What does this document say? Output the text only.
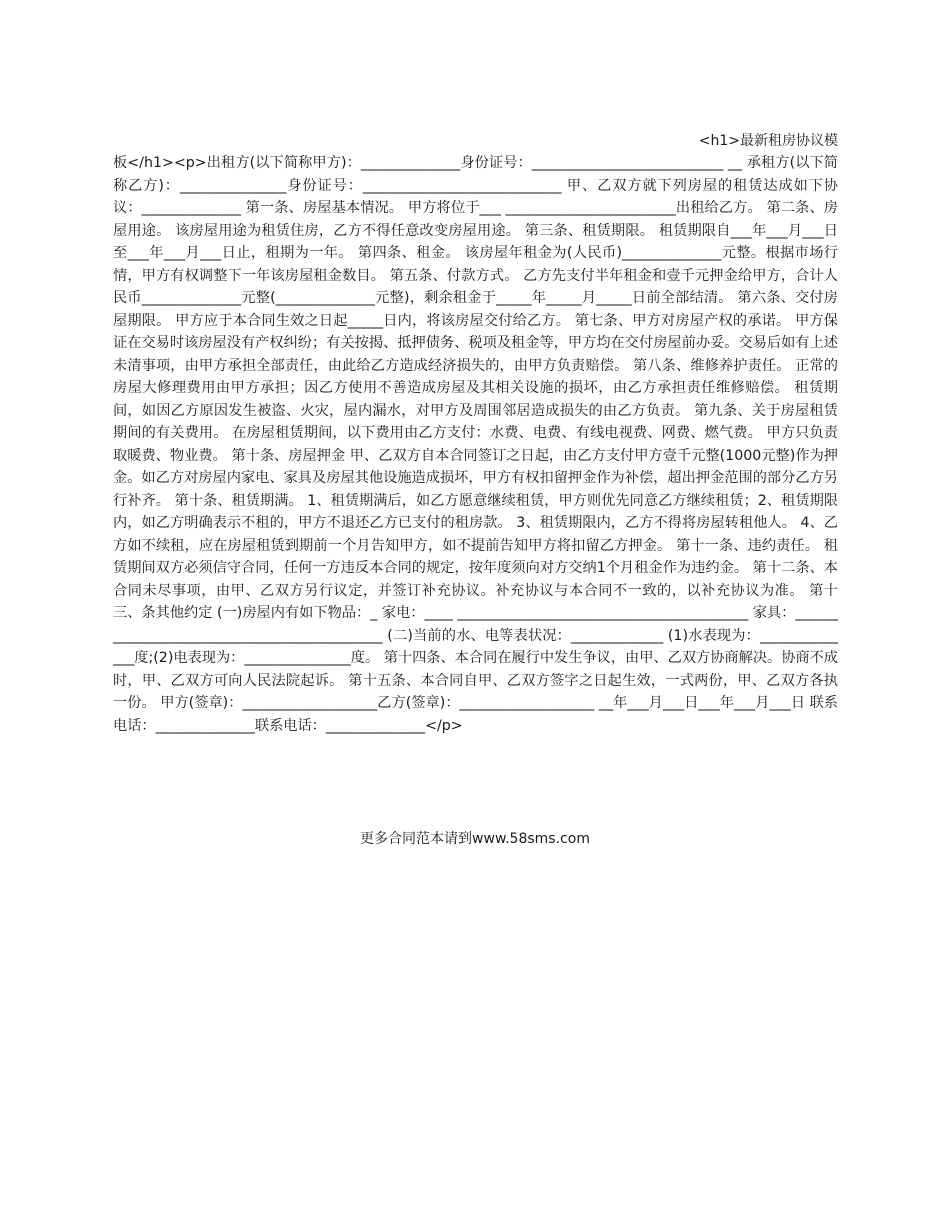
<h1>最新租房协议模

板</h1><p>出租方(以下简称甲方)：______________身份证号：___________________________ __ 承租方(以下简称乙方)：_______________身份证号：____________________________ 甲、乙双方就下列房屋的租赁达成如下协议：______________ 第一条、房屋基本情况。 甲方将位于___ ________________________出租给乙方。 第二条、房屋用途。 该房屋用途为租赁住房，乙方不得任意改变房屋用途。 第三条、租赁期限。 租赁期限自___年___月___日至___年___月___日止，租期为一年。 第四条、租金。 该房屋年租金为(人民币)______________元整。根据市场行情，甲方有权调整下一年该房屋租金数目。 第五条、付款方式。 乙方先支付半年租金和壹千元押金给甲方，合计人民币______________元整(______________元整)，剩余租金于_____年_____月_____日前全部结清。 第六条、交付房屋期限。 甲方应于本合同生效之日起_____日内，将该房屋交付给乙方。 第七条、甲方对房屋产权的承诺。 甲方保证在交易时该房屋没有产权纠纷；有关按揭、抵押债务、税项及租金等，甲方均在交付房屋前办妥。交易后如有上述未清事项，由甲方承担全部责任，由此给乙方造成经济损失的，由甲方负责赔偿。 第八条、维修养护责任。 正常的房屋大修理费用由甲方承担；因乙方使用不善造成房屋及其相关设施的损坏，由乙方承担责任维修赔偿。 租赁期间，如因乙方原因发生被盗、火灾，屋内漏水，对甲方及周围邻居造成损失的由乙方负责。 第九条、关于房屋租赁期间的有关费用。 在房屋租赁期间，以下费用由乙方支付：水费、电费、有线电视费、网费、燃气费。 甲方只负责取暖费、物业费。 第十条、房屋押金 甲、乙双方自本合同签订之日起，由乙方支付甲方壹千元整(1000元整)作为押金。如乙方对房屋内家电、家具及房屋其他设施造成损坏，甲方有权扣留押金作为补偿，超出押金范围的部分乙方另行补齐。 第十条、租赁期满。 1、租赁期满后，如乙方愿意继续租赁，甲方则优先同意乙方继续租赁；2、租赁期限内，如乙方明确表示不租的，甲方不退还乙方已支付的租房款。 3、租赁期限内，乙方不得将房屋转租他人。 4、乙方如不续租，应在房屋租赁到期前一个月告知甲方，如不提前告知甲方将扣留乙方押金。 第十一条、违约责任。 租赁期间双方必须信守合同，任何一方违反本合同的规定，按年度须向对方交纳1个月租金作为违约金。 第十二条、本合同未尽事项，由甲、乙双方另行议定，并签订补充协议。补充协议与本合同不一致的，以补充协议为准。 第十三、条其他约定 (一)房屋内有如下物品：_ 家电：____ _________________________________________ 家具：____________________________________________ (二)当前的水、电等表状况：_____________ (1)水表现为：______________度;(2)电表现为：_______________度。 第十四条、本合同在履行中发生争议，由甲、乙双方协商解决。协商不成时，甲、乙双方可向人民法院起诉。 第十五条、本合同自甲、乙双方签字之日起生效，一式两份，甲、乙双方各执一份。 甲方(签章)：___________________乙方(签章)：___________________ __年___月___日___年___月___日 联系电话：______________联系电话：______________</p>

更多合同范本请到www.58sms.com
